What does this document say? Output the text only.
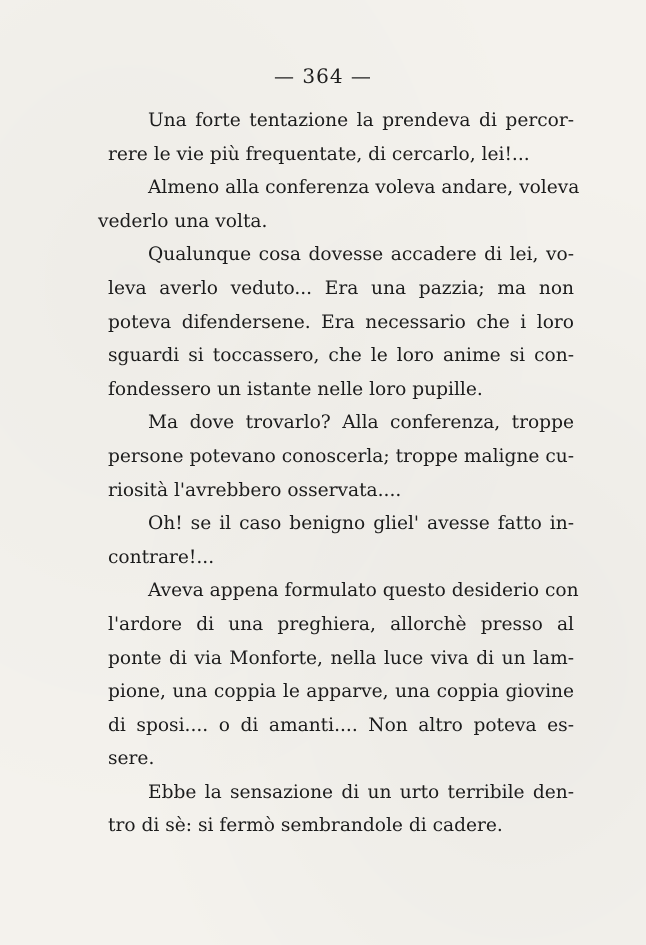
— 364 —
Una forte tentazione la prendeva di percor-
rere le vie più frequentate, di cercarlo, lei!...
Almeno alla conferenza voleva andare, voleva
vederlo una volta.
Qualunque cosa dovesse accadere di lei, vo-
leva averlo veduto... Era una pazzia; ma non
poteva difendersene. Era necessario che i loro
sguardi si toccassero, che le loro anime si con-
fondessero un istante nelle loro pupille.
Ma dove trovarlo? Alla conferenza, troppe
persone potevano conoscerla; troppe maligne cu-
riosità l'avrebbero osservata....
Oh! se il caso benigno gliel' avesse fatto in-
contrare!...
Aveva appena formulato questo desiderio con
l'ardore di una preghiera, allorchè presso al
ponte di via Monforte, nella luce viva di un lam-
pione, una coppia le apparve, una coppia giovine
di sposi.... o di amanti.... Non altro poteva es-
sere.
Ebbe la sensazione di un urto terribile den-
tro di sè: si fermò sembrandole di cadere.
